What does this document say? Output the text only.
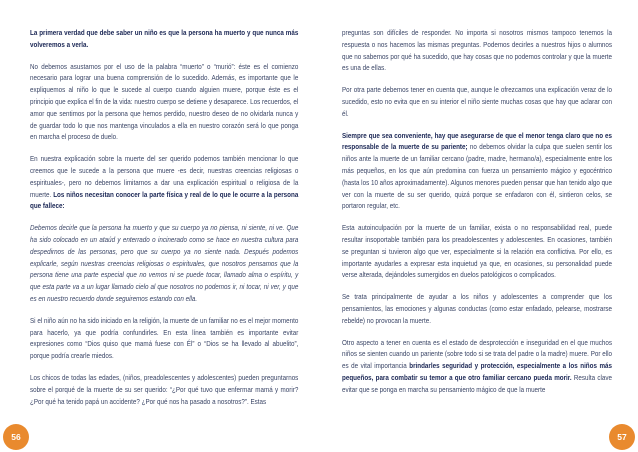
La primera verdad que debe saber un niño es que la persona ha muerto y que nunca más volveremos a verla.

No debemos asustarnos por el uso de la palabra “muerto” o “murió”: éste es el comienzo necesario para lograr una buena comprensión de lo sucedido. Además, es importante que le expliquemos al niño lo que le sucede al cuerpo cuando alguien muere, porque éste es el principio que explica el fin de la vida: nuestro cuerpo se detiene y desaparece. Los recuerdos, el amor que sentimos por la persona que hemos perdido, nuestro deseo de no olvidarla nunca y de guardar todo lo que nos mantenga vinculados a ella en nuestro corazón será lo que ponga en marcha el proceso de duelo.

En nuestra explicación sobre la muerte del ser querido podemos también mencionar lo que creemos que le sucede a la persona que muere -es decir, nuestras creencias religiosas o espirituales-, pero no debemos limitarnos a dar una explicación espiritual o religiosa de la muerte. Los niños necesitan conocer la parte física y real de lo que le ocurre a la persona que fallece:

Debemos decirle que la persona ha muerto y que su cuerpo ya no piensa, ni siente, ni ve. Que ha sido colocado en un ataúd y enterrado o incinerado como se hace en nuestra cultura para despedirnos de las personas, pero que su cuerpo ya no siente nada. Después podemos explicarle, según nuestras creencias religiosas o espirituales, que nosotros pensamos que la persona tiene una parte especial que no vemos ni se puede tocar, llamado alma o espíritu, y que esta parte va a un lugar llamado cielo al que nosotros no podemos ir, ni tocar, ni ver, y que es en nuestro recuerdo donde seguiremos estando con ella.

Si el niño aún no ha sido iniciado en la religión, la muerte de un familiar no es el mejor momento para hacerlo, ya que podría confundirles. En esta línea también es importante evitar expresiones como “Dios quiso que mamá fuese con Él” o “Dios se ha llevado al abuelito”, porque podría crearle miedos.

Los chicos de todas las edades, (niños, preadolescentes y adolescentes) pueden preguntarnos sobre el porqué de la muerte de su ser querido: “¿Por qué tuvo que enfermar mamá y morir? ¿Por qué ha tenido papá un accidente? ¿Por qué nos ha pasado a nosotros?”. Estas

preguntas son difíciles de responder. No importa si nosotros mismos tampoco tenemos la respuesta o nos hacemos las mismas preguntas. Podemos decirles a nuestros hijos o alumnos que no sabemos por qué ha sucedido, que hay cosas que no podemos controlar y que la muerte es una de ellas.

Por otra parte debemos tener en cuenta que, aunque le ofrezcamos una explicación veraz de lo sucedido, esto no evita que en su interior el niño siente muchas cosas que hay que aclarar con él.

Siempre que sea conveniente, hay que asegurarse de que el menor tenga claro que no es responsable de la muerte de su pariente; no debemos olvidar la culpa que suelen sentir los niños ante la muerte de un familiar cercano (padre, madre, hermano/a), especialmente entre los más pequeños, en los que aún predomina con fuerza un pensamiento mágico y egocéntrico (hasta los 10 años aproximadamente). Algunos menores pueden pensar que han tenido algo que ver con la muerte de su ser querido, quizá porque se enfadaron con él, sintieron celos, se portaron regular, etc.

Esta autoinculpación por la muerte de un familiar, exista o no responsabilidad real, puede resultar insoportable también para los preadolescentes y adolescentes. En ocasiones, también se preguntan si tuvieron algo que ver, especialmente si la relación era conflictiva. Por ello, es importante ayudarles a expresar esta inquietud ya que, en ocasiones, su personalidad puede verse alterada, dejándoles sumergidos en duelos patológicos o complicados.

Se trata principalmente de ayudar a los niños y adolescentes a comprender que los pensamientos, las emociones y algunas conductas (como estar enfadado, pelearse, mostrarse rebelde) no provocan la muerte.

Otro aspecto a tener en cuenta es el estado de desprotección e inseguridad en el que muchos niños se sienten cuando un pariente (sobre todo si se trata del padre o la madre) muere. Por ello es de vital importancia brindarles seguridad y protección, especialmente a los niños más pequeños, para combatir su temor a que otro familiar cercano pueda morir. Resulta clave evitar que se ponga en marcha su pensamiento mágico de que la muerte

56	57
